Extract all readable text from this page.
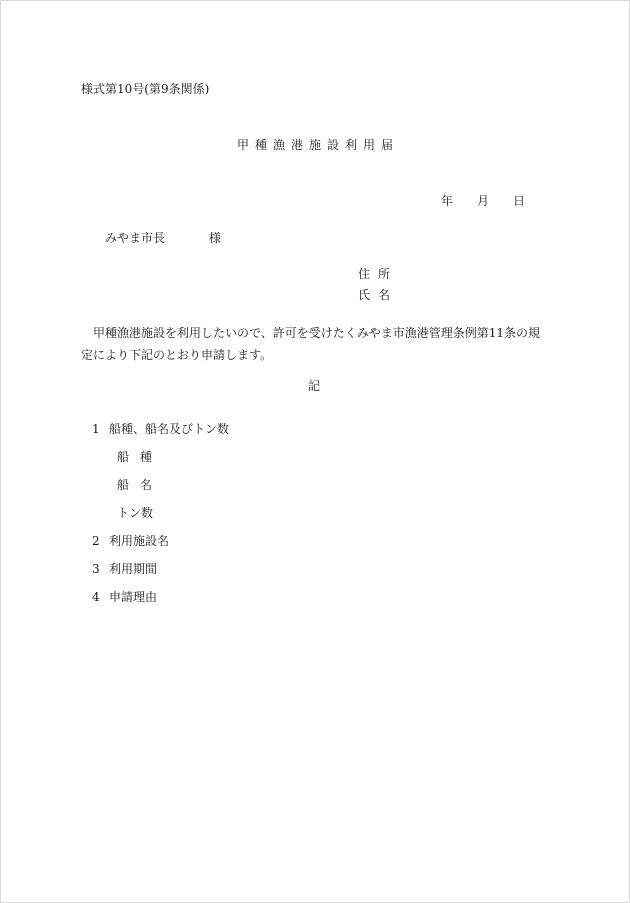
様式第10号(第9条関係)
甲種漁港施設利用届
年 月 日
みやま市長	様
住所
氏名
甲種漁港施設を利用したいので、許可を受けたくみやま市漁港管理条例第11条の規定により下記のとおり申請します。
記
1 船種、船名及びトン数
船種
船名
トン数
2 利用施設名
3 利用期間
4 申請理由
